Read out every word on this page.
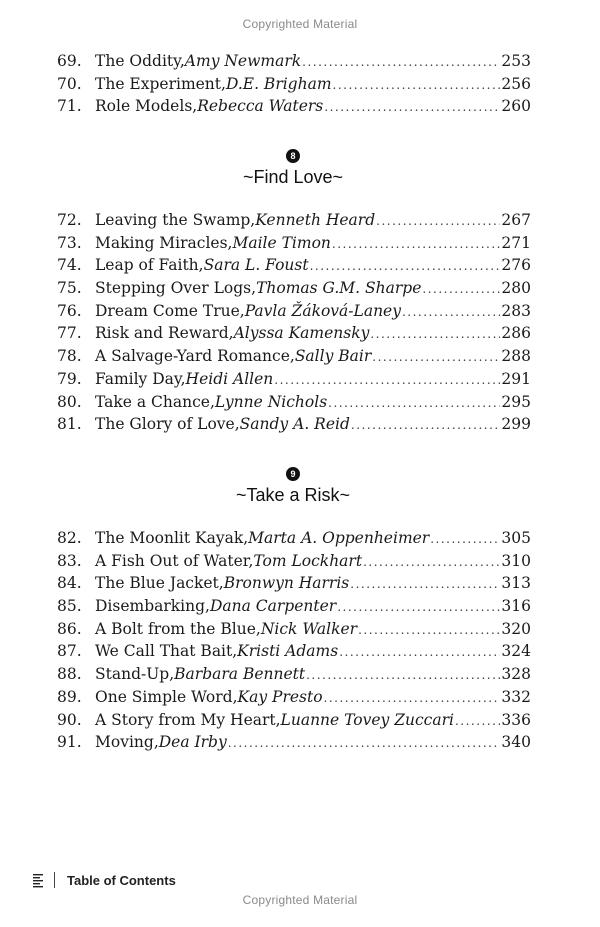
Copyrighted Material
69. The Oddity, Amy Newmark .....	253
70. The Experiment, D.E. Brigham .....	256
71. Role Models, Rebecca Waters .....	260
8
~Find Love~
72. Leaving the Swamp, Kenneth Heard .....	267
73. Making Miracles, Maile Timon .....	271
74. Leap of Faith, Sara L. Foust .....	276
75. Stepping Over Logs, Thomas G.M. Sharpe .....	280
76. Dream Come True, Pavla Žáková-Laney .....	283
77. Risk and Reward, Alyssa Kamensky .....	286
78. A Salvage-Yard Romance, Sally Bair .....	288
79. Family Day, Heidi Allen .....	291
80. Take a Chance, Lynne Nichols .....	295
81. The Glory of Love, Sandy A. Reid .....	299
9
~Take a Risk~
82. The Moonlit Kayak, Marta A. Oppenheimer .....	305
83. A Fish Out of Water, Tom Lockhart .....	310
84. The Blue Jacket, Bronwyn Harris .....	313
85. Disembarking, Dana Carpenter .....	316
86. A Bolt from the Blue, Nick Walker .....	320
87. We Call That Bait, Kristi Adams .....	324
88. Stand-Up, Barbara Bennett .....	328
89. One Simple Word, Kay Presto .....	332
90. A Story from My Heart, Luanne Tovey Zuccari .....	336
91. Moving, Dea Irby .....	340
Table of Contents
Copyrighted Material
